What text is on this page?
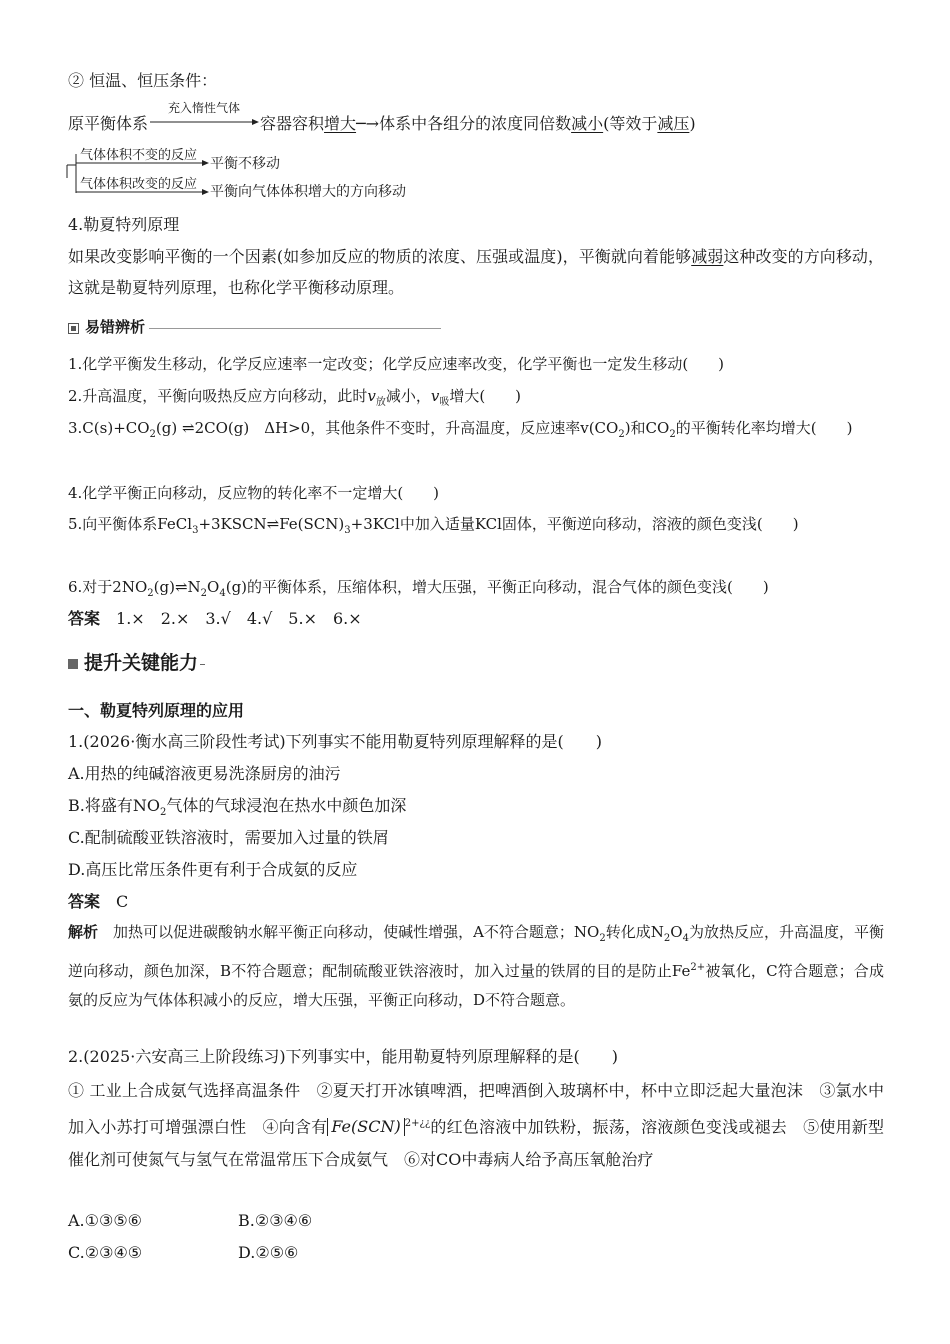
② 恒温、恒压条件：
原平衡体系
充入惰性气体
容器容积增大─→体系中各组分的浓度同倍数减小(等效于减压)
气体体积不变的反应
平衡不移动
气体体积改变的反应 平衡向气体体积增大的方向移动
4.勒夏特列原理
如果改变影响平衡的一个因素(如参加反应的物质的浓度、压强或温度)，平衡就向着能够减弱这种改变的方向移动，这就是勒夏特列原理，也称化学平衡移动原理。
易错辨析
1.化学平衡发生移动，化学反应速率一定改变；化学反应速率改变，化学平衡也一定发生移动(　　)
2.升高温度，平衡向吸热反应方向移动，此时$v_放$减小，$v_吸$增大(　　)
$3.C(s)+CO_2(g)$ ⇌2CO(g)　ΔH>0，其他条件不变时，升高温度，反应速率$v(CO_2)$和$CO_2$的平衡转化率均增大(　　)
4.化学平衡正向移动，反应物的转化率不一定增大(　　)
5.向平衡体系$FeCl_3+3KSCN\rightleftharpoons Fe(SCN)_3+3KCl$中加入适量KCl固体，平衡逆向移动，溶液的颜色变浅(　　)
6.对于$2NO_2(g)\rightleftharpoons N_2O_4(g)$的平衡体系，压缩体积，增大压强，平衡正向移动，混合气体的颜色变浅(　　)
答案　 1.×　2.×　3.√　4.√　5.×　6.×
提升关键能力
一、勒夏特列原理的应用
1.(2026·衡水高三阶段性考试)下列事实不能用勒夏特列原理解释的是(　　)
A.用热的纯碱溶液更易洗涤厨房的油污
B.将盛有$NO_2$气体的气球浸泡在热水中颜色加深
C.配制硫酸亚铁溶液时，需要加入过量的铁屑
D.高压比常压条件更有利于合成氨的反应
答案　 C
解析　 加热可以促进碳酸钠水解平衡正向移动，使碱性增强，A不符合题意；$NO_2$转化成$N_2O_4$为放热反应，升高温度，平衡逆向移动，颜色加深，B不符合题意；配制硫酸亚铁溶液时，加入过量的铁屑的目的是防止$Fe^{2+}$被氧化，C符合题意；合成氨的反应为气体体积减小的反应，增大压强，平衡正向移动，D不符合题意。
2.(2025·六安高三上阶段练习)下列事实中，能用勒夏特列原理解释的是(　　)
① 工业上合成氨气选择高温条件　②夏天打开冰镇啤酒，把啤酒倒入玻璃杯中，杯中立即泛起大量泡沫　③氯水中加入小苏打可增强漂白性　④向含有 Fe(SCN) $^{2+¿¿}$的红色溶液中加铁粉，振荡，溶液颜色变浅或褪去　⑤使用新型催化剂可使氮气与氢气在常温常压下合成氨气　⑥对CO中毒病人给予高压氧舱治疗
A.①③⑤⑥	B.②③④⑥
C.②③④⑤	D.②⑤⑥
